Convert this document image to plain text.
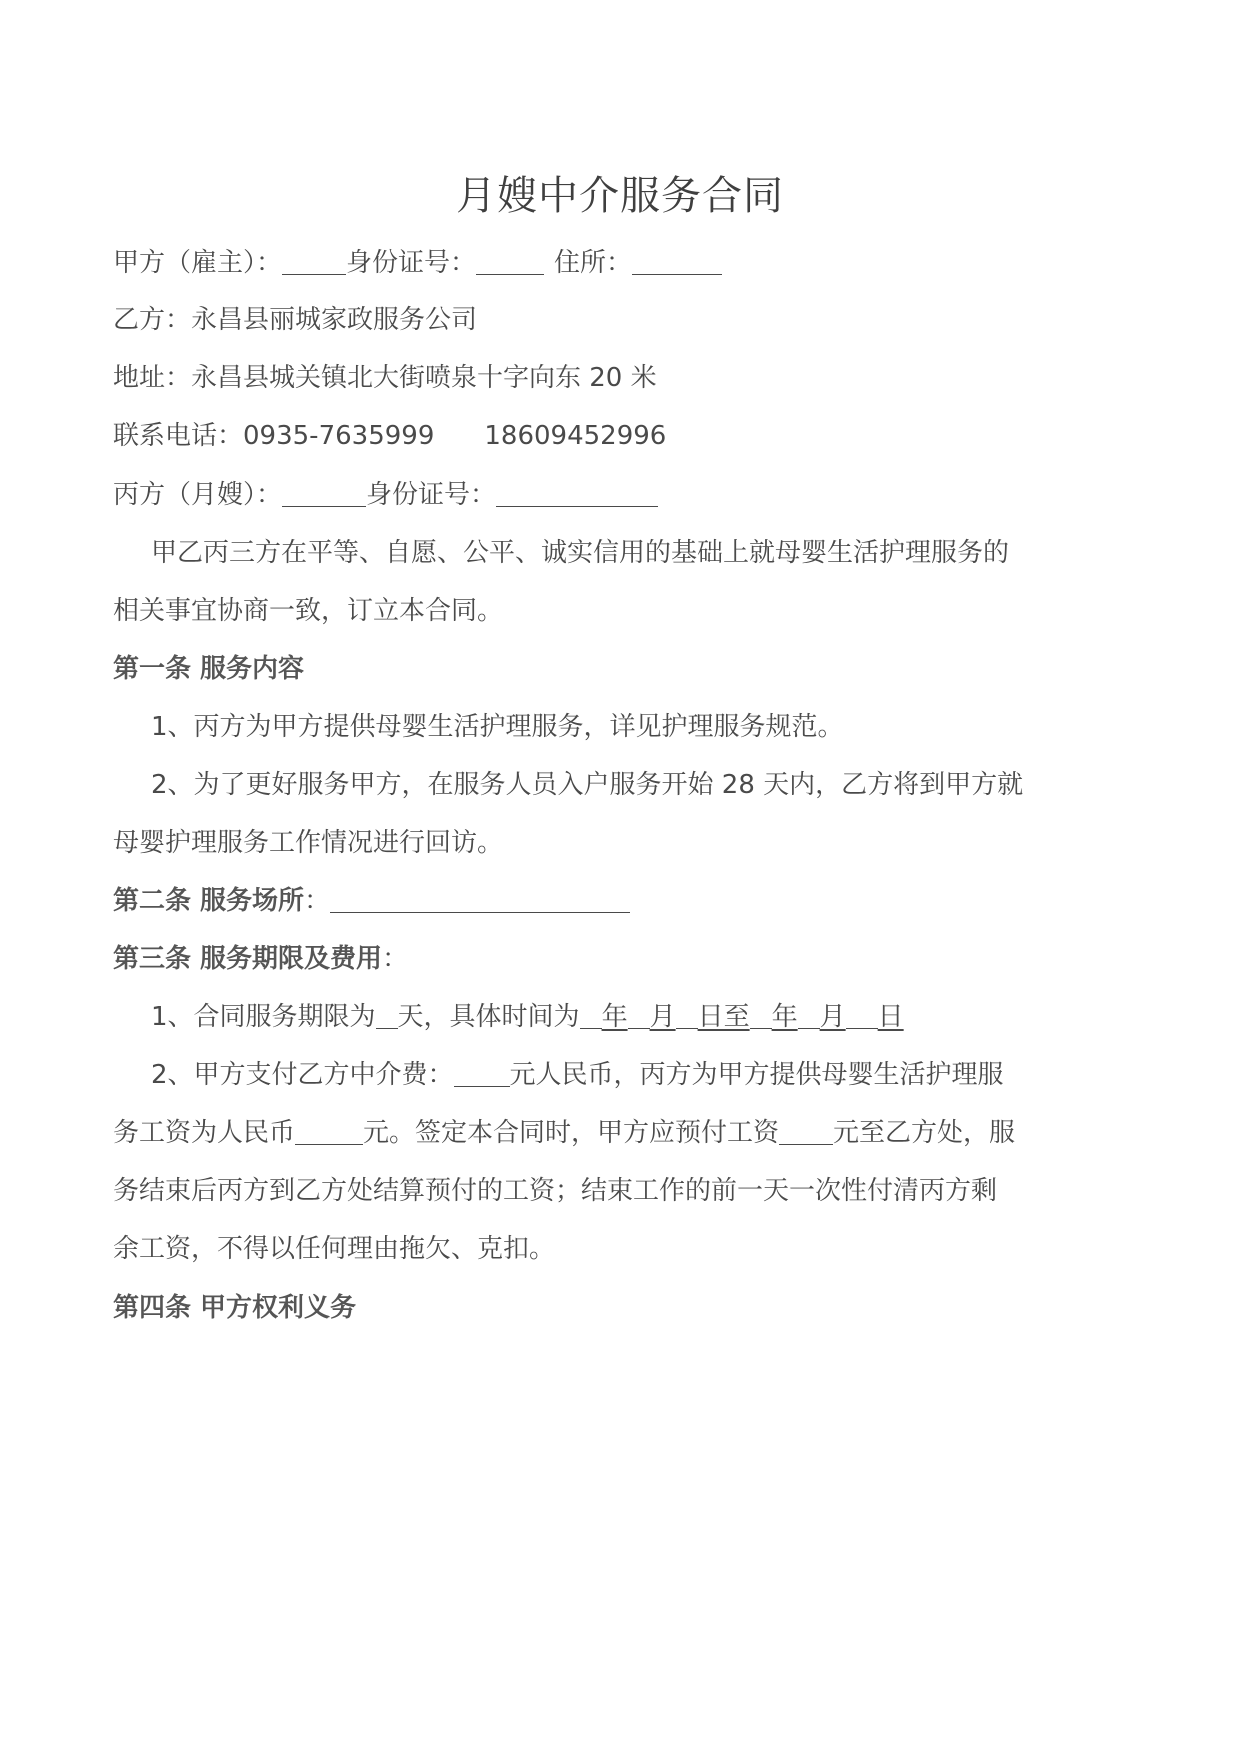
月嫂中介服务合同
甲方（雇主）： 身份证号：	住所：
乙方：永昌县丽城家政服务公司
地址：永昌县城关镇北大街喷泉十字向东 20 米
联系电话：0935-7635999 18609452996
丙方（月嫂）：	身份证号：
甲乙丙三方在平等、自愿、公平、诚实信用的基础上就母婴生活护理服务的
相关事宜协商一致，订立本合同。
第一条 服务内容
1、丙方为甲方提供母婴生活护理服务，详见护理服务规范。
2、为了更好服务甲方，在服务人员入户服务开始 28 天内，乙方将到甲方就
母婴护理服务工作情况进行回访。
第二条 服务场所：
第三条 服务期限及费用：
1、合同服务期限为 天，具体时间为 年 月 日至 年 月 日
2、甲方支付乙方中介费： 元人民币，丙方为甲方提供母婴生活护理服
务工资为人民币	元。签定本合同时，甲方应预付工资 元至乙方处，服
务结束后丙方到乙方处结算预付的工资；结束工作的前一天一次性付清丙方剩
余工资，不得以任何理由拖欠、克扣。
第四条 甲方权利义务
